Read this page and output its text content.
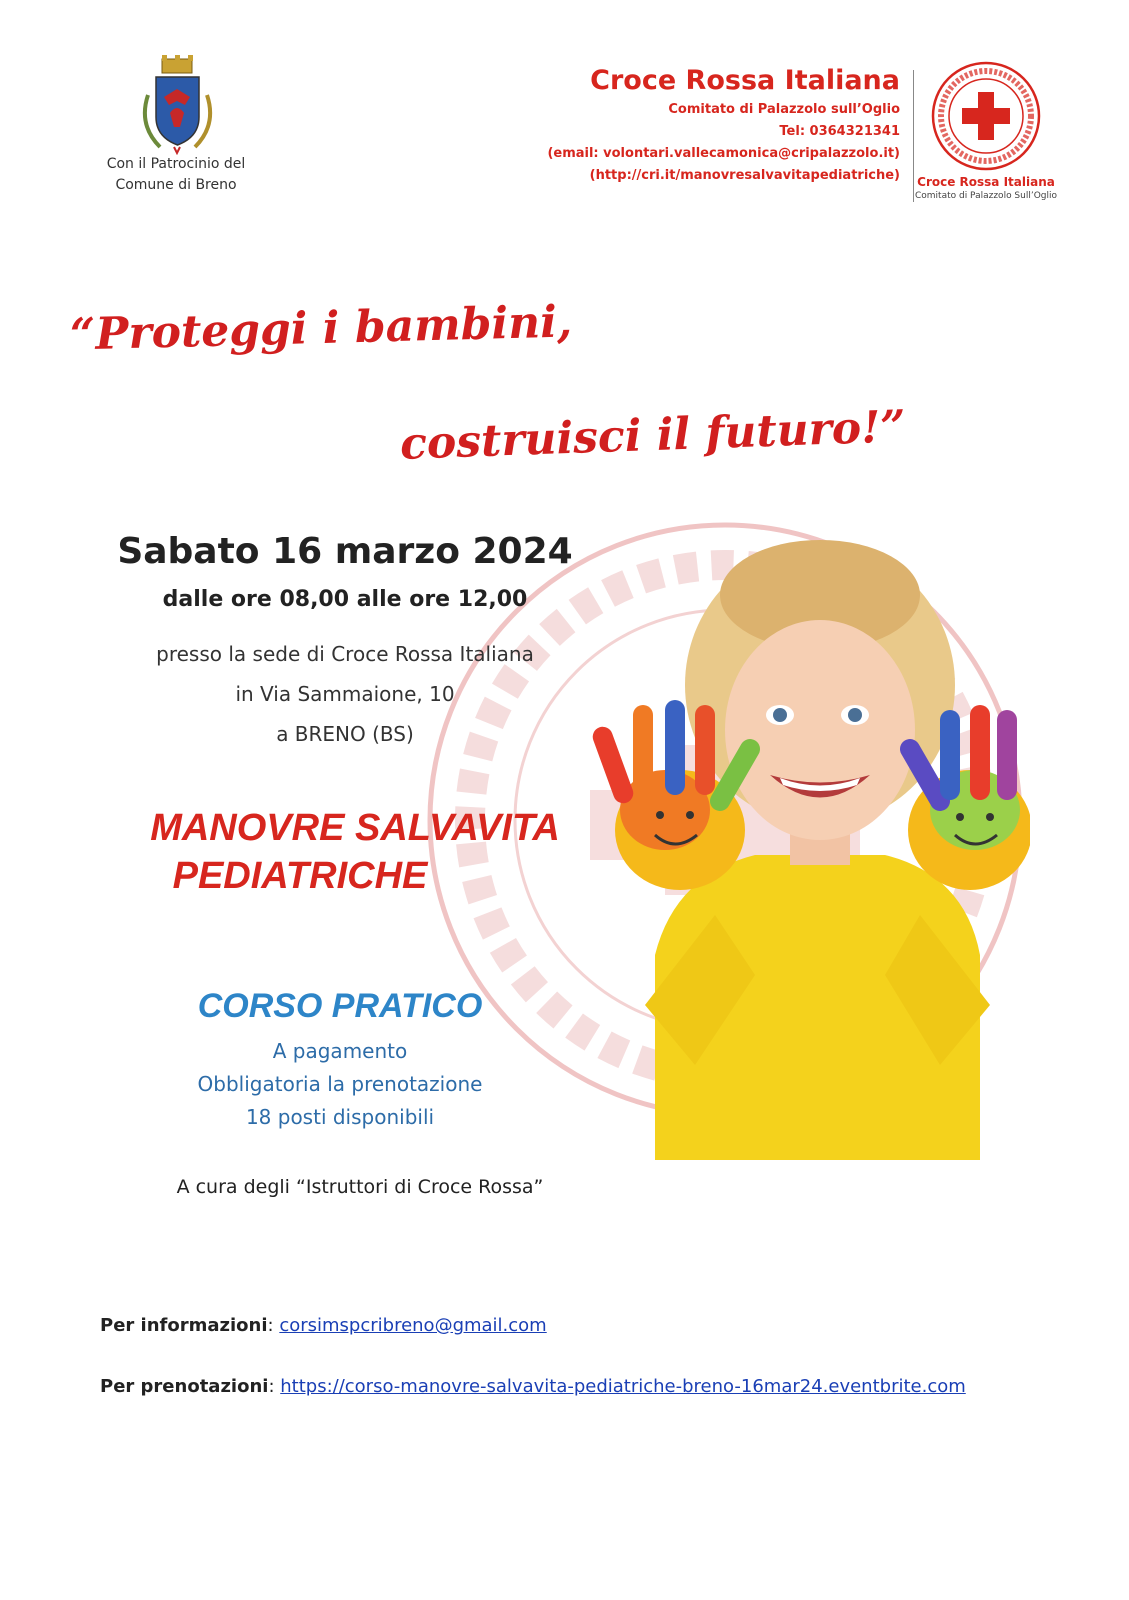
Con il Patrocinio del
Comune di Breno
Croce Rossa Italiana
Comitato di Palazzolo sull’Oglio
Tel: 0364321341
(email: volontari.vallecamonica@cripalazzolo.it)
(http://cri.it/manovresalvavitapediatriche)	Croce Rossa Italiana
Comitato di Palazzolo Sull’Oglio
“Proteggi i bambini,
costruisci il futuro!”
Sabato 16 marzo 2024
dalle ore 08,00 alle ore 12,00
presso la sede di Croce Rossa Italiana
in Via Sammaione, 10
a BRENO (BS)
MANOVRE SALVAVITA
PEDIATRICHE
CORSO PRATICO
A pagamento
Obbligatoria la prenotazione
18 posti disponibili
A cura degli “Istruttori di Croce Rossa”
Per informazioni: corsimspcribreno@gmail.com
Per prenotazioni: https://corso-manovre-salvavita-pediatriche-breno-16mar24.eventbrite.com
